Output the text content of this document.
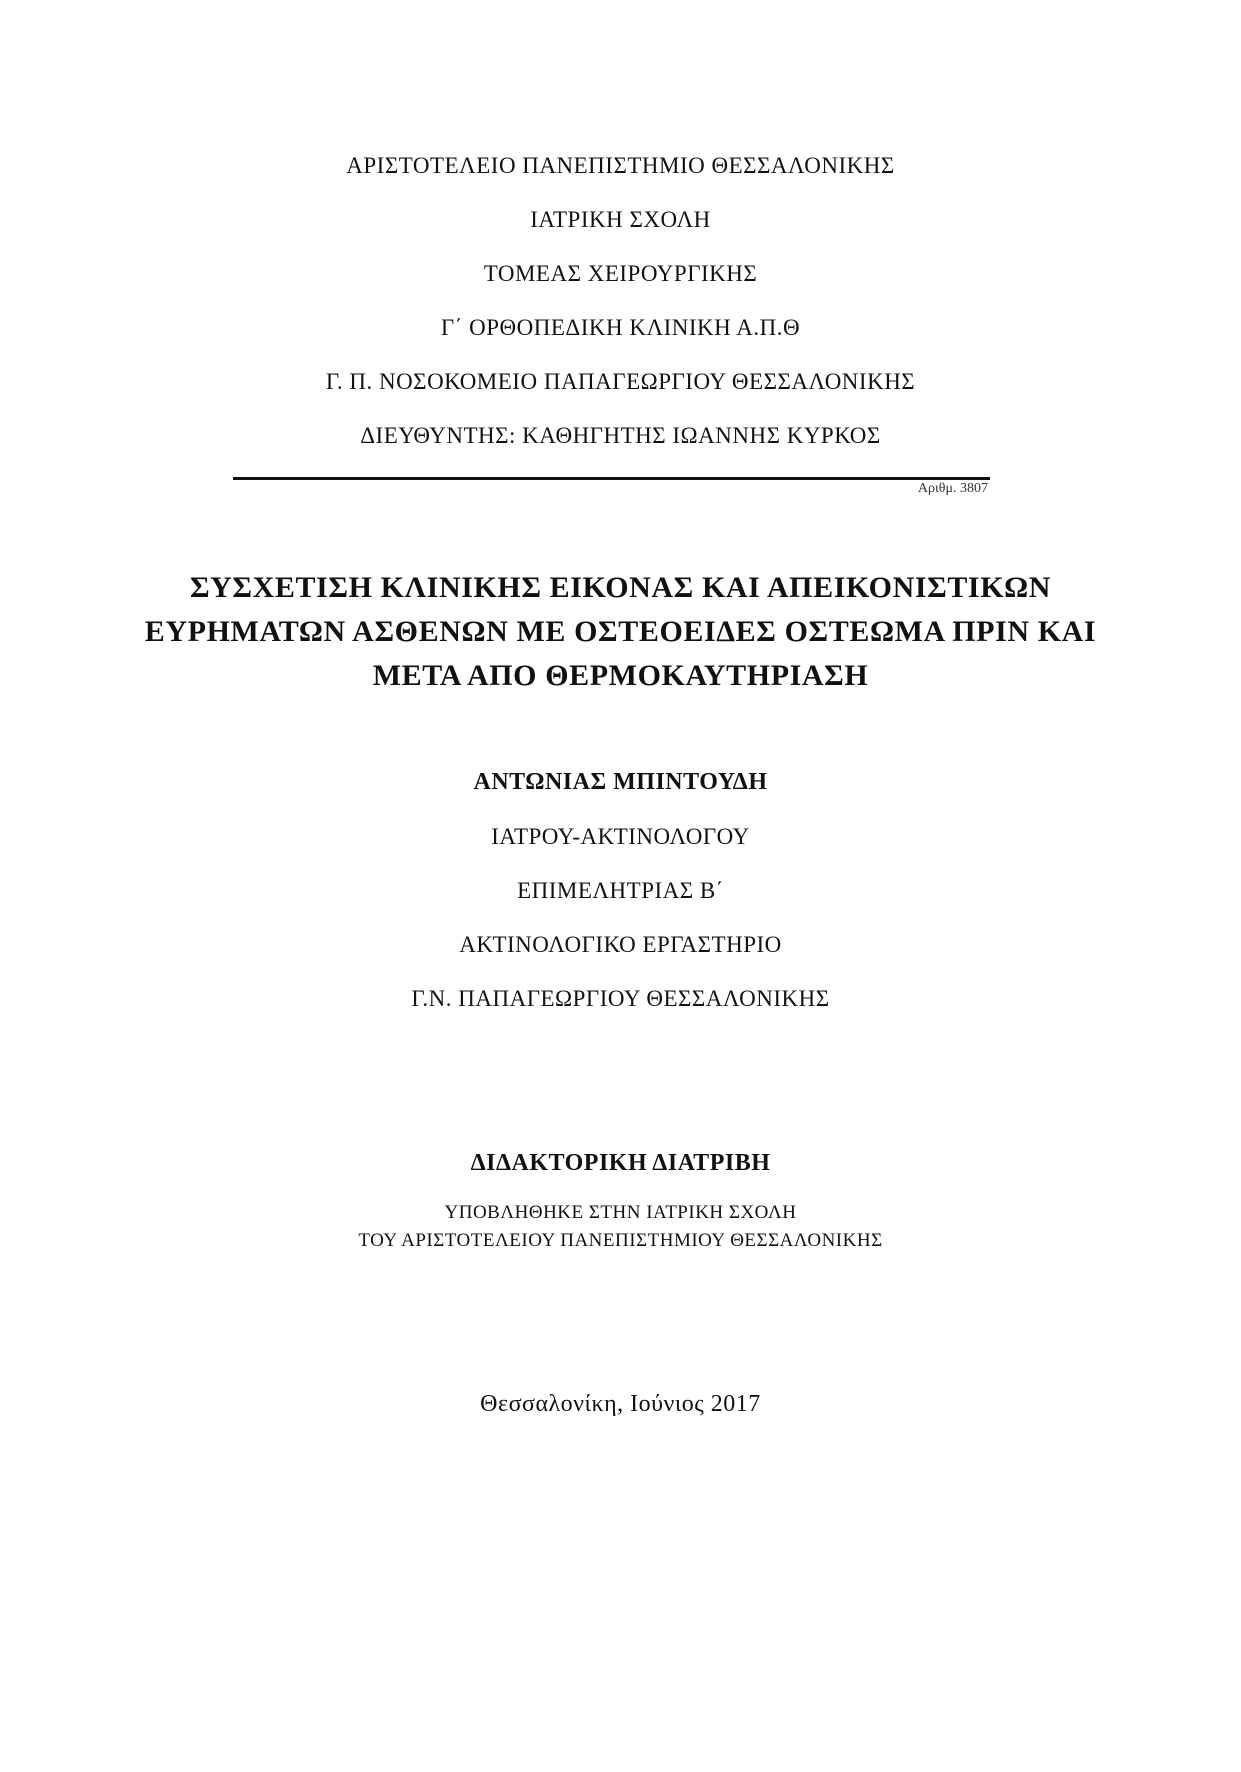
ΑΡΙΣΤΟΤΕΛΕΙΟ ΠΑΝΕΠΙΣΤΗΜΙΟ ΘΕΣΣΑΛΟΝΙΚΗΣ
ΙΑΤΡΙΚΗ ΣΧΟΛΗ
ΤΟΜΕΑΣ ΧΕΙΡΟΥΡΓΙΚΗΣ
Γ΄ ΟΡΘΟΠΕΔΙΚΗ ΚΛΙΝΙΚΗ Α.Π.Θ
Γ. Π. ΝΟΣΟΚΟΜΕΙΟ ΠΑΠΑΓΕΩΡΓΙΟΥ ΘΕΣΣΑΛΟΝΙΚΗΣ
ΔΙΕΥΘΥΝΤΗΣ: ΚΑΘΗΓΗΤΗΣ ΙΩΑΝΝΗΣ ΚΥΡΚΟΣ
Αριθμ. 3807
ΣΥΣΧΕΤΙΣΗ ΚΛΙΝΙΚΗΣ ΕΙΚΟΝΑΣ ΚΑΙ ΑΠΕΙΚΟΝΙΣΤΙΚΩΝ
ΕΥΡΗΜΑΤΩΝ ΑΣΘΕΝΩΝ ΜΕ ΟΣΤΕΟΕΙΔΕΣ ΟΣΤΕΩΜΑ ΠΡΙΝ ΚΑΙ
ΜΕΤΑ ΑΠΟ ΘΕΡΜΟΚΑΥΤΗΡΙΑΣΗ
ΑΝΤΩΝΙΑΣ ΜΠΙΝΤΟΥΔΗ
ΙΑΤΡΟΥ-ΑΚΤΙΝΟΛΟΓΟΥ
ΕΠΙΜΕΛΗΤΡΙΑΣ Β΄
ΑΚΤΙΝΟΛΟΓΙΚΟ ΕΡΓΑΣΤΗΡΙΟ
Γ.Ν. ΠΑΠΑΓΕΩΡΓΙΟΥ ΘΕΣΣΑΛΟΝΙΚΗΣ
ΔΙΔΑΚΤΟΡΙΚΗ ΔΙΑΤΡΙΒΗ
ΥΠΟΒΛΗΘΗΚΕ ΣΤΗΝ ΙΑΤΡΙΚΗ ΣΧΟΛΗ
ΤΟΥ ΑΡΙΣΤΟΤΕΛΕΙΟΥ ΠΑΝΕΠΙΣΤΗΜΙΟΥ ΘΕΣΣΑΛΟΝΙΚΗΣ
Θεσσαλονίκη, Ιούνιος 2017
